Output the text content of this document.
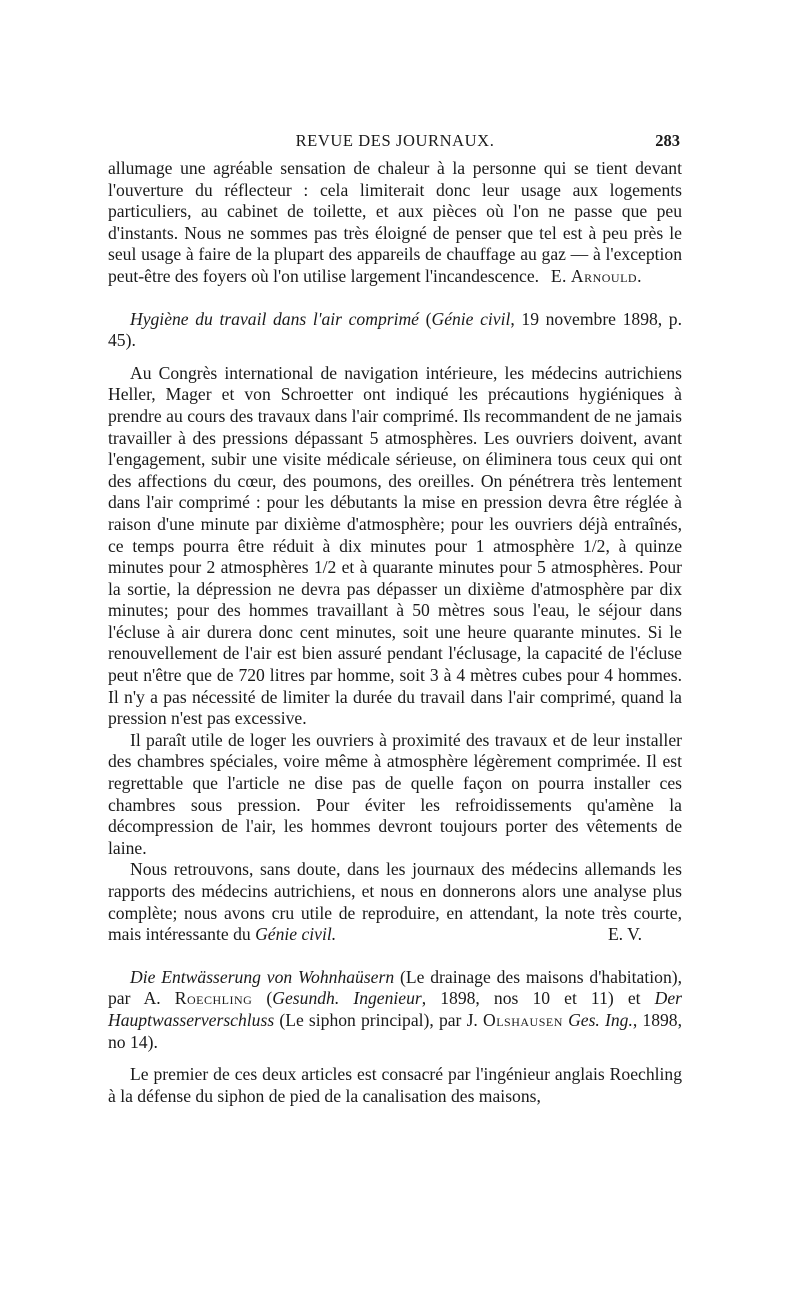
REVUE DES JOURNAUX.	283

allumage une agréable sensation de chaleur à la personne qui se tient devant l'ouverture du réflecteur : cela limiterait donc leur usage aux logements particuliers, au cabinet de toilette, et aux pièces où l'on ne passe que peu d'instants. Nous ne sommes pas très éloigné de penser que tel est à peu près le seul usage à faire de la plupart des appareils de chauffage au gaz — à l'exception peut-être des foyers où l'on utilise largement l'incandescence. E. Arnould.

Hygiène du travail dans l'air comprimé (Génie civil, 19 novembre 1898, p. 45).

Au Congrès international de navigation intérieure, les médecins autrichiens Heller, Mager et von Schroetter ont indiqué les précautions hygiéniques à prendre au cours des travaux dans l'air comprimé. Ils recommandent de ne jamais travailler à des pressions dépassant 5 atmosphères. Les ouvriers doivent, avant l'engagement, subir une visite médicale sérieuse, on éliminera tous ceux qui ont des affections du cœur, des poumons, des oreilles. On pénétrera très lentement dans l'air comprimé : pour les débutants la mise en pression devra être réglée à raison d'une minute par dixième d'atmosphère; pour les ouvriers déjà entraînés, ce temps pourra être réduit à dix minutes pour 1 atmosphère 1/2, à quinze minutes pour 2 atmosphères 1/2 et à quarante minutes pour 5 atmosphères. Pour la sortie, la dépression ne devra pas dépasser un dixième d'atmosphère par dix minutes; pour des hommes travaillant à 50 mètres sous l'eau, le séjour dans l'écluse à air durera donc cent minutes, soit une heure quarante minutes. Si le renouvellement de l'air est bien assuré pendant l'éclusage, la capacité de l'écluse peut n'être que de 720 litres par homme, soit 3 à 4 mètres cubes pour 4 hommes. Il n'y a pas nécessité de limiter la durée du travail dans l'air comprimé, quand la pression n'est pas excessive.

Il paraît utile de loger les ouvriers à proximité des travaux et de leur installer des chambres spéciales, voire même à atmosphère légèrement comprimée. Il est regrettable que l'article ne dise pas de quelle façon on pourra installer ces chambres sous pression. Pour éviter les refroidissements qu'amène la décompression de l'air, les hommes devront toujours porter des vêtements de laine.

Nous retrouvons, sans doute, dans les journaux des médecins allemands les rapports des médecins autrichiens, et nous en donnerons alors une analyse plus complète; nous avons cru utile de reproduire, en attendant, la note très courte, mais intéressante du Génie civil.	E. V.

Die Entwässerung von Wohnhaüsern (Le drainage des maisons d'habitation), par A. Roechling (Gesundh. Ingenieur, 1898, nos 10 et 11) et Der Hauptwasserverschluss (Le siphon principal), par J. Olshausen Ges. Ing., 1898, no 14).

Le premier de ces deux articles est consacré par l'ingénieur anglais Roechling à la défense du siphon de pied de la canalisation des maisons,
